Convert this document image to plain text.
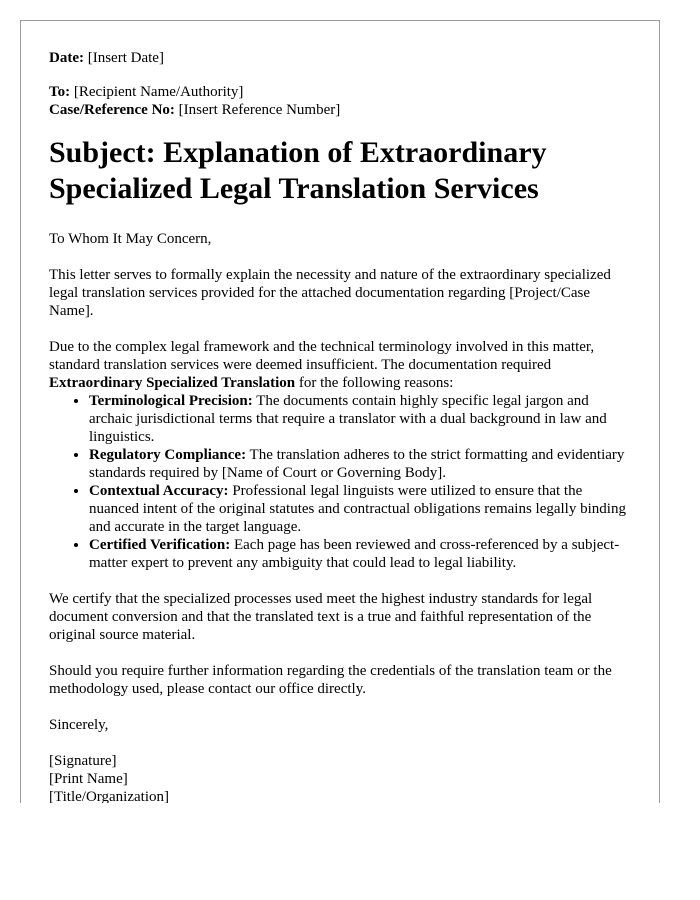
Date: [Insert Date]

To: [Recipient Name/Authority]

Case/Reference No: [Insert Reference Number]

Subject: Explanation of Extraordinary Specialized Legal Translation Services

To Whom It May Concern,

This letter serves to formally explain the necessity and nature of the extraordinary specialized legal translation services provided for the attached documentation regarding [Project/Case Name].

Due to the complex legal framework and the technical terminology involved in this matter, standard translation services were deemed insufficient. The documentation required Extraordinary Specialized Translation for the following reasons:

• Terminological Precision: The documents contain highly specific legal jargon and archaic jurisdictional terms that require a translator with a dual background in law and linguistics.
• Regulatory Compliance: The translation adheres to the strict formatting and evidentiary standards required by [Name of Court or Governing Body].
• Contextual Accuracy: Professional legal linguists were utilized to ensure that the nuanced intent of the original statutes and contractual obligations remains legally binding and accurate in the target language.
• Certified Verification: Each page has been reviewed and cross-referenced by a subject-matter expert to prevent any ambiguity that could lead to legal liability.

We certify that the specialized processes used meet the highest industry standards for legal document conversion and that the translated text is a true and faithful representation of the original source material.

Should you require further information regarding the credentials of the translation team or the methodology used, please contact our office directly.

Sincerely,

[Signature]

[Print Name]

[Title/Organization]
